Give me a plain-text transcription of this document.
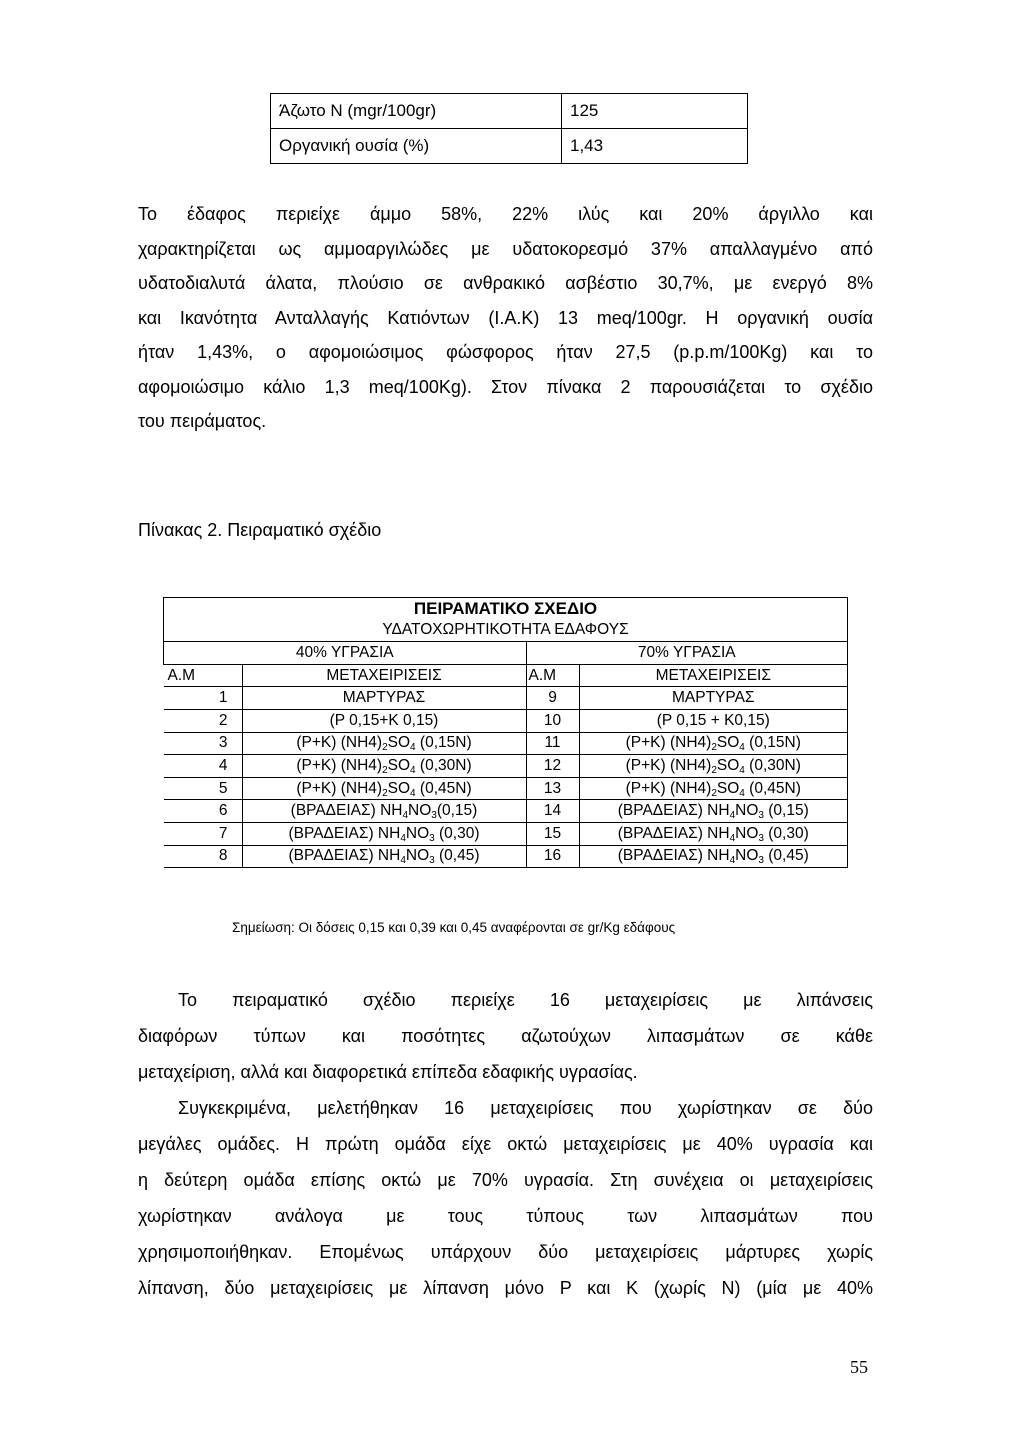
Άζωτο Ν (mgr/100gr)	125
Οργανική ουσία (%)	1,43

Το έδαφος περιείχε άμμο 58%, 22% ιλύς και 20% άργιλλο και

χαρακτηρίζεται ως αμμοαργιλώδες με υδατοκορεσμό 37% απαλλαγμένο από

υδατοδιαλυτά άλατα, πλούσιο σε ανθρακικό ασβέστιο 30,7%, με ενεργό 8%

και Ικανότητα Ανταλλαγής Κατιόντων (I.A.K) 13 meq/100gr. Η οργανική ουσία

ήταν 1,43%, ο αφομοιώσιμος φώσφορος ήταν 27,5 (p.p.m/100Kg) και το

αφομοιώσιμο κάλιο 1,3 meq/100Kg). Στον πίνακα 2 παρουσιάζεται το σχέδιο

του πειράματος.

Πίνακας 2. Πειραματικό σχέδιο
ΠΕΙΡΑΜΑΤΙΚΟ ΣΧΕΔΙΟ			
ΥΔΑΤΟΧΩΡΗΤΙΚΟΤΗΤΑ ΕΔΑΦΟΥΣ			
40% ΥΓΡΑΣΙΑ		70% ΥΓΡΑΣΙΑ	
Α.Μ	ΜΕΤΑΧΕΙΡΙΣΕΙΣ	Α.Μ	ΜΕΤΑΧΕΙΡΙΣΕΙΣ
1	ΜΑΡΤΥΡΑΣ	9	ΜΑΡΤΥΡΑΣ
2	(P 0,15+K 0,15)	10	(P 0,15 + K0,15)
3	(P+K) $(NH4)_2SO_4$ (0,15N)	11	(P+K) $(NH4)_2SO_4$ (0,15N)
4	(P+K) $(NH4)_2SO_4$ (0,30N)	12	(P+K) $(NH4)_2SO_4$ (0,30N)
5	(P+K) $(NH4)_2SO_4$ (0,45N)	13	(P+K) $(NH4)_2SO_4$ (0,45N)
6	(ΒΡΑΔΕΙΑΣ) $NH_4NO_3(0,15)$	14	(ΒΡΑΔΕΙΑΣ) $NH_4NO_3$ (0,15)
7	(ΒΡΑΔΕΙΑΣ) $NH_4NO_3$ (0,30)	15	(ΒΡΑΔΕΙΑΣ) $NH_4NO_3$ (0,30)
8	(ΒΡΑΔΕΙΑΣ) $NH_4NO_3$ (0,45)	16	(ΒΡΑΔΕΙΑΣ) $NH_4NO_3$ (0,45)
Σημείωση: Οι δόσεις 0,15 και 0,39 και 0,45 αναφέρονται σε gr/Kg εδάφους

Το πειραματικό σχέδιο περιείχε 16 μεταχειρίσεις με λιπάνσεις

διαφόρων τύπων και ποσότητες αζωτούχων λιπασμάτων σε κάθε

μεταχείριση, αλλά και διαφορετικά επίπεδα εδαφικής υγρασίας.

Συγκεκριμένα, μελετήθηκαν 16 μεταχειρίσεις που χωρίστηκαν σε δύο

μεγάλες ομάδες. Η πρώτη ομάδα είχε οκτώ μεταχειρίσεις με 40% υγρασία και

η δεύτερη ομάδα επίσης οκτώ με 70% υγρασία. Στη συνέχεια οι μεταχειρίσεις

χωρίστηκαν ανάλογα με τους τύπους των λιπασμάτων που

χρησιμοποιήθηκαν. Επομένως υπάρχουν δύο μεταχειρίσεις μάρτυρες χωρίς

λίπανση, δύο μεταχειρίσεις με λίπανση μόνο P και K (χωρίς N) (μία με 40%

55
